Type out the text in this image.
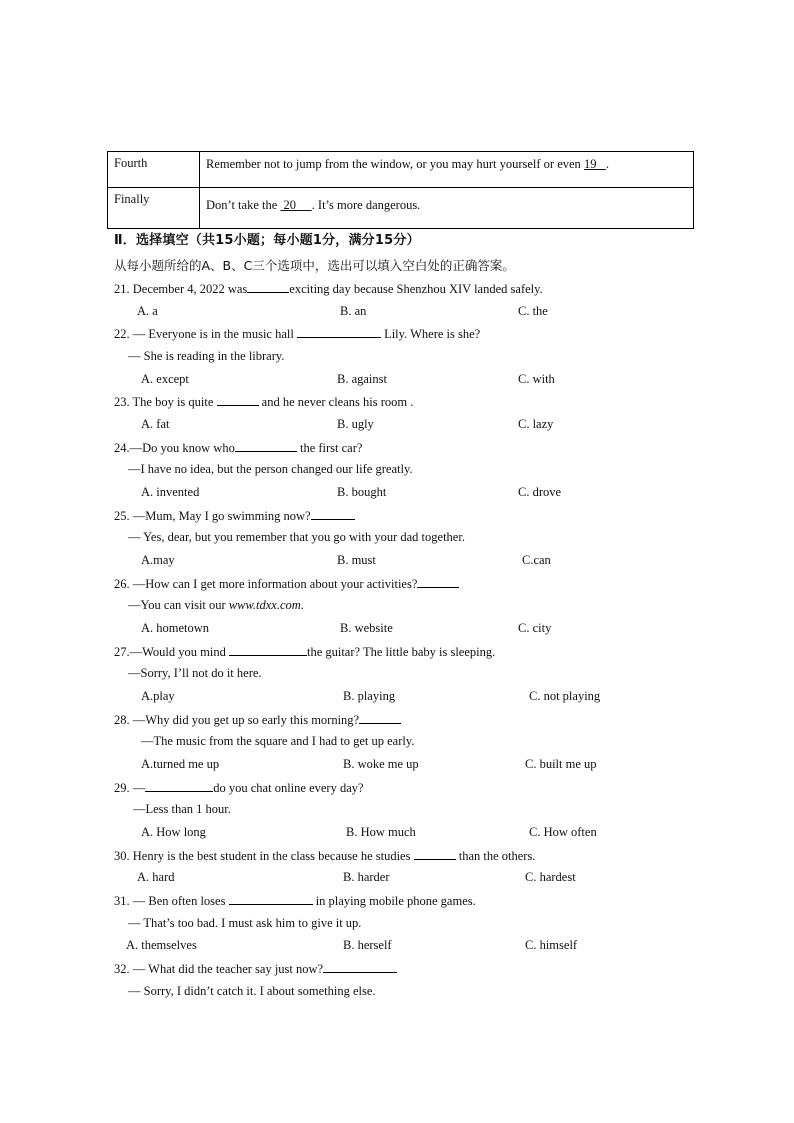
Fourth	Remember not to jump from the window, or you may hurt yourself or even 19 .
Finally	Don’t take the  20 . It’s more dangerous.
Ⅱ．选择填空（共15小题；每小题1分，满分15分）
从每小题所给的A、B、C三个选项中，选出可以填入空白处的正确答案。
21. December 4, 2022 was	exciting day because Shenzhou XIV landed safely.
A. a	B. an	C. the
22. — Everyone is in the music hall	Lily. Where is she?
— She is reading in the library.
A. except	B. against	C. with
23. The boy is quite	and he never cleans his room .
A. fat	B. ugly	C. lazy
24.—Do you know who	the first car?
—I have no idea, but the person changed our life greatly.
A. invented	B. bought	C. drove
25. —Mum, May I go swimming now?
— Yes, dear, but you remember that you go with your dad together.
A.may	B. must	C.can
26. —How can I get more information about your activities?
—You can visit our www.tdxx.com.
A. hometown	B. website	C. city
27.—Would you mind	the guitar? The little baby is sleeping.
—Sorry, I’ll not do it here.
A.play	B. playing	C. not playing
28. —Why did you get up so early this morning?
—The music from the square and I had to get up early.
A.turned me up	B. woke me up	C. built me up
29. —	do you chat online every day?
—Less than 1 hour.
A. How long	B. How much	C. How often
30. Henry is the best student in the class because he studies	than the others.
A. hard	B. harder	C. hardest
31. — Ben often loses	in playing mobile phone games.
— That’s too bad. I must ask him to give it up.
A. themselves	B. herself	C. himself
32. — What did the teacher say just now?
— Sorry, I didn’t catch it. I about something else.
